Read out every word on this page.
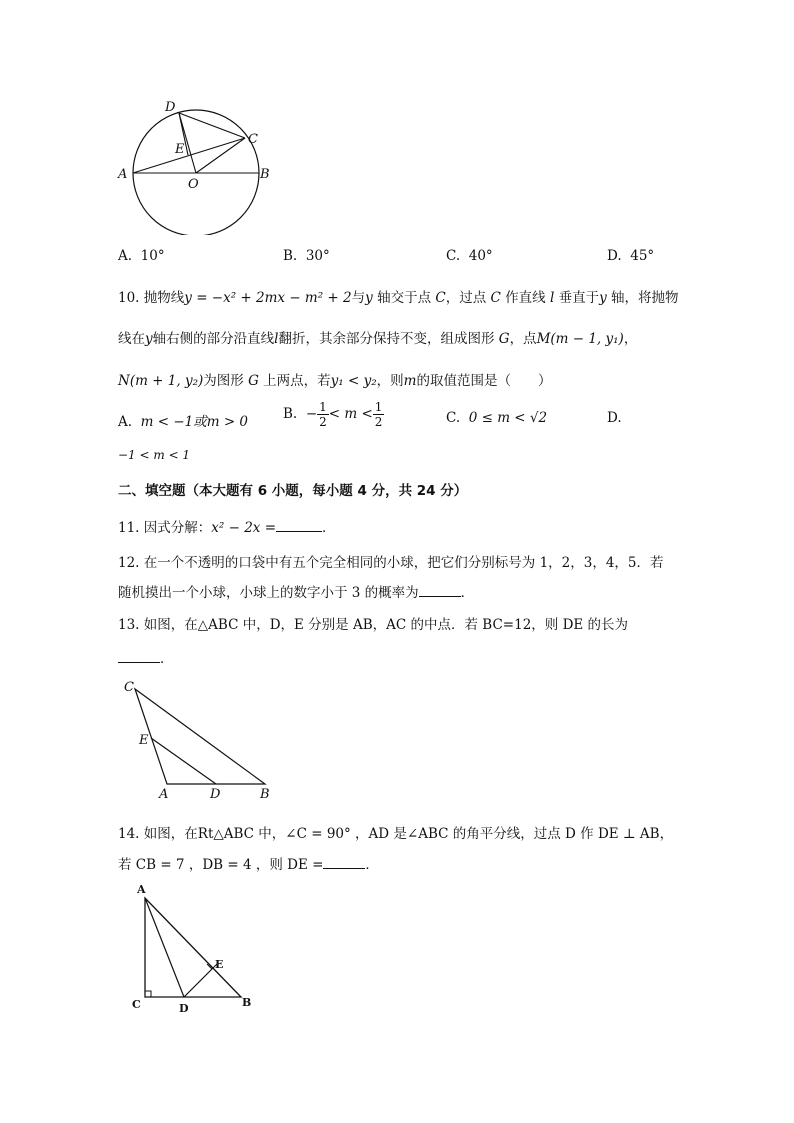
A	B
C
D
E
O
A. 10°	B. 30°	C. 40°	D. 45°
10. 抛物线y = −x² + 2mx − m² + 2与y 轴交于点 C，过点 C 作直线 l 垂直于y 轴，将抛物
线在y轴右侧的部分沿直线l翻折，其余部分保持不变，组成图形 G，点M(m − 1, y₁)，
N(m + 1, y₂)为图形 G 上两点，若y₁ < y₂，则m的取值范围是（　　）
A. m < −1或m > 0	B. − $\frac{1}{2} < m < \frac{1}{2}$	C. 0 ≤ m < √2	D.
−1 < m < 1
二、填空题（本大题有 6 小题，每小题 4 分，共 24 分）
11. 因式分解：x² − 2x =	．
12. 在一个不透明的口袋中有五个完全相同的小球，把它们分别标号为 1，2，3，4，5．若
随机摸出一个小球，小球上的数字小于 3 的概率为	．
13. 如图，在△ABC 中，D，E 分别是 AB，AC 的中点．若 BC=12，则 DE 的长为
．
C
E
A	D	B
14. 如图，在Rt△ABC 中，∠C = 90° ，AD 是∠ABC 的角平分线，过点 D 作 DE ⊥ AB，
若 CB = 7 ，DB = 4 ，则 DE =	．
A
E
C	D	B
